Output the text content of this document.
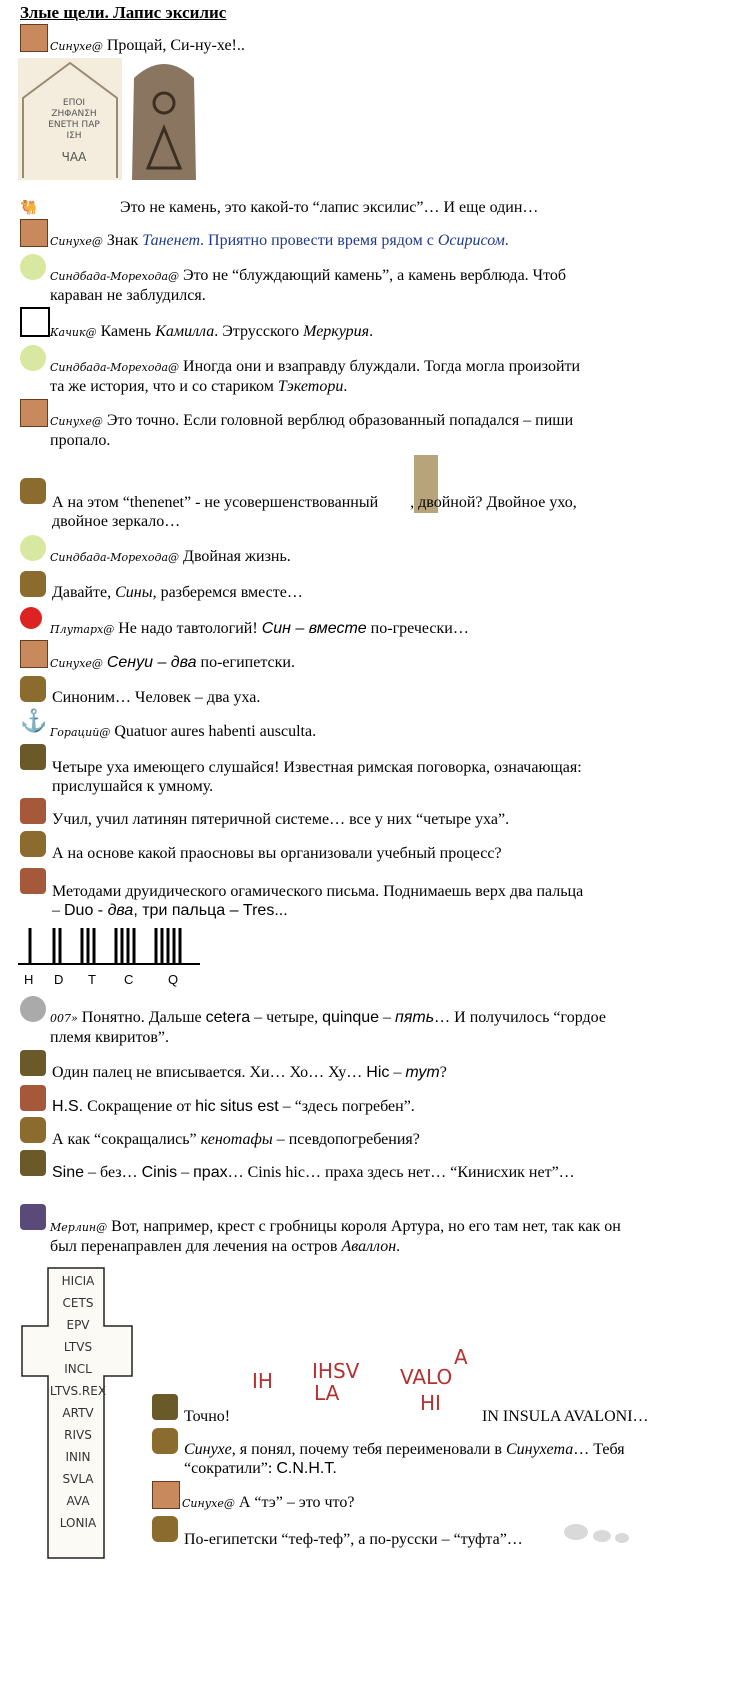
Злые щели. Лапис эксилис
Синухе@ Прощай, Си-ну-хе!..
ΕΠΟΙ
ΖΗΦΑΝΣΗ
ΕΝΕΤΗ ΠΑΡ ΙΣΗ
ЧАА
🐫	Это не камень, это какой-то “лапис эксилис”… И еще один…
Синухе@ Знак Таненет. Приятно провести время рядом с Осирисом.
Синдбада-Морехода@ Это не “блуждающий камень”, а камень верблюда. Чтоб караван не заблудился.
Качик@ Камень Камилла. Этрусского Меркурия.
Синдбада-Морехода@ Иногда они и взаправду блуждали. Тогда могла произойти та же история, что и со стариком Тэкетори.
Синухе@ Это точно. Если головной верблюд образованный попадался – пиши пропало.
А на этом “thenenet” - не усовершенствованный , двойной? Двойное ухо, двойное зеркало…
Синдбада-Морехода@ Двойная жизнь.
Давайте, Сины, разберемся вместе…
Плутарх@ Не надо тавтологий! Син – вместе по-гречески…
Синухе@ Сенуи – два по-египетски.
Синоним… Человек – два уха.
⚓ Гораций@ Quatuor aures habenti ausculta.
Четыре уха имеющего слушайся! Известная римская поговорка, означающая: прислушайся к умному.
Учил, учил латинян пятеричной системе… все у них “четыре уха”.
А на основе какой праосновы вы организовали учебный процесс?
Методами друидического огамического письма. Поднимаешь верх два пальца – Duo - два, три пальца – Tres...
H D T C	Q
007» Понятно. Дальше cetera – четыре, quinque – пять… И получилось “гордое племя квиритов”.
Один палец не вписывается. Хи… Хо… Ху… Hic – тут?
H.S. Сокращение от hic situs est – “здесь погребен”.
А как “сокращались” кенотафы – псевдопогребения?
Sine – без… Cinis – прах… Cinis hic… праха здесь нет… “Кинисхик нет”…
Мерлин@ Вот, например, крест с гробницы короля Артура, но его там нет, так как он был перенаправлен для лечения на остров Аваллон.
HICIA
CETS
EPV
LTVS
INCL
LTVS.REX
ARTV
RIVS
ININ
SVLA
AVA
LONIA
IH IHSV
LA
VALO
HI
A
Точно!	IN INSULA AVALONI…
Синухе, я понял, почему тебя переименовали в Синухета… Тебя “сократили”: C.N.H.T.
Синухе@ А “тэ” – это что?
По-египетски “теф-теф”, а по-русски – “туфта”…
